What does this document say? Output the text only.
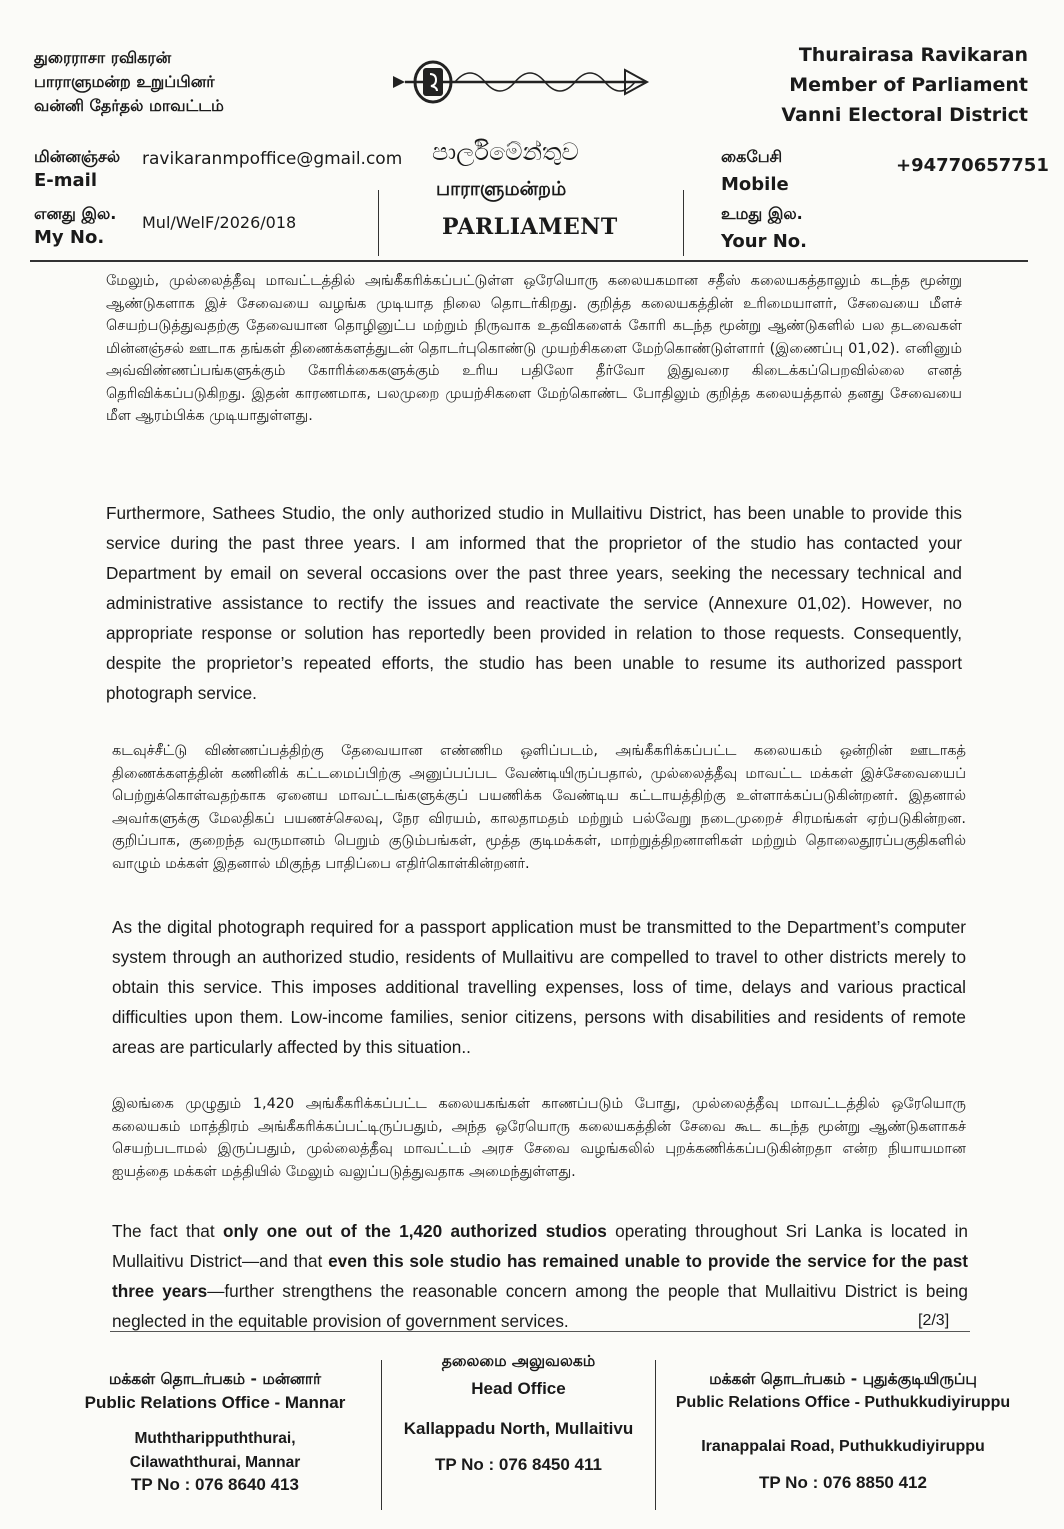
துரைராசா ரவிகரன்
பாராளுமன்ற உறுப்பினர்
வன்னி தேர்தல் மாவட்டம்
Thurairasa Ravikaran
Member of Parliament
Vanni Electoral District
மின்னஞ்சல்
E-mail
ravikaranmpoffice@gmail.com
எனது இல.
My No.
Mul/WelF/2026/018
පාර්ලිමේන්තුව
பாராளுமன்றம்
PARLIAMENT
கைபேசி
Mobile
+94770657751
உமது இல.
Your No.
மேலும், முல்லைத்தீவு மாவட்டத்தில் அங்கீகரிக்கப்பட்டுள்ள ஒரேயொரு கலையகமான சதீஸ் கலையகத்தாலும் கடந்த மூன்று ஆண்டுகளாக இச் சேவையை வழங்க முடியாத நிலை தொடர்கிறது. குறித்த கலையகத்தின் உரிமையாளர், சேவையை மீளச் செயற்படுத்துவதற்கு தேவையான தொழினுட்ப மற்றும் நிருவாக உதவிகளைக் கோரி கடந்த மூன்று ஆண்டுகளில் பல தடவைகள் மின்னஞ்சல் ஊடாக தங்கள் திணைக்களத்துடன் தொடர்புகொண்டு முயற்சிகளை மேற்கொண்டுள்ளார் (இணைப்பு 01,02). எனினும் அவ்விண்ணப்பங்களுக்கும் கோரிக்கைகளுக்கும் உரிய பதிலோ தீர்வோ இதுவரை கிடைக்கப்பெறவில்லை எனத் தெரிவிக்கப்படுகிறது. இதன் காரணமாக, பலமுறை முயற்சிகளை மேற்கொண்ட போதிலும் குறித்த கலையத்தால் தனது சேவையை மீள ஆரம்பிக்க முடியாதுள்ளது.
Furthermore, Sathees Studio, the only authorized studio in Mullaitivu District, has been unable to provide this service during the past three years. I am informed that the proprietor of the studio has contacted your Department by email on several occasions over the past three years, seeking the necessary technical and administrative assistance to rectify the issues and reactivate the service (Annexure 01,02). However, no appropriate response or solution has reportedly been provided in relation to those requests. Consequently, despite the proprietor’s repeated efforts, the studio has been unable to resume its authorized passport photograph service.
கடவுச்சீட்டு விண்ணப்பத்திற்கு தேவையான எண்ணிம ஒளிப்படம், அங்கீகரிக்கப்பட்ட கலையகம் ஒன்றின் ஊடாகத் திணைக்களத்தின் கணினிக் கட்டமைப்பிற்கு அனுப்பப்பட வேண்டியிருப்பதால், முல்லைத்தீவு மாவட்ட மக்கள் இச்சேவையைப் பெற்றுக்கொள்வதற்காக ஏனைய மாவட்டங்களுக்குப் பயணிக்க வேண்டிய கட்டாயத்திற்கு உள்ளாக்கப்படுகின்றனர். இதனால் அவர்களுக்கு மேலதிகப் பயணச்செலவு, நேர விரயம், காலதாமதம் மற்றும் பல்வேறு நடைமுறைச் சிரமங்கள் ஏற்படுகின்றன. குறிப்பாக, குறைந்த வருமானம் பெறும் குடும்பங்கள், மூத்த குடிமக்கள், மாற்றுத்திறனாளிகள் மற்றும் தொலைதூரப்பகுதிகளில் வாழும் மக்கள் இதனால் மிகுந்த பாதிப்பை எதிர்கொள்கின்றனர்.
As the digital photograph required for a passport application must be transmitted to the Department’s computer system through an authorized studio, residents of Mullaitivu are compelled to travel to other districts merely to obtain this service. This imposes additional travelling expenses, loss of time, delays and various practical difficulties upon them. Low-income families, senior citizens, persons with disabilities and residents of remote areas are particularly affected by this situation..
இலங்கை முழுதும் 1,420 அங்கீகரிக்கப்பட்ட கலையகங்கள் காணப்படும் போது, முல்லைத்தீவு மாவட்டத்தில் ஒரேயொரு கலையகம் மாத்திரம் அங்கீகரிக்கப்பட்டிருப்பதும், அந்த ஒரேயொரு கலையகத்தின் சேவை கூட கடந்த மூன்று ஆண்டுகளாகச் செயற்படாமல் இருப்பதும், முல்லைத்தீவு மாவட்டம் அரச சேவை வழங்கலில் புறக்கணிக்கப்படுகின்றதா என்ற நியாயமான ஐயத்தை மக்கள் மத்தியில் மேலும் வலுப்படுத்துவதாக அமைந்துள்ளது.
The fact that only one out of the 1,420 authorized studios operating throughout Sri Lanka is located in Mullaitivu District—and that even this sole studio has remained unable to provide the service for the past three years—further strengthens the reasonable concern among the people that Mullaitivu District is being neglected in the equitable provision of government services.	[2/3]
மக்கள் தொடர்பகம் - மன்னார்
Public Relations Office - Mannar
Muththarippuththurai,
Cilawaththurai, Mannar
TP No : 076 8640 413
தலைமை அலுவலகம்
Head Office
Kallappadu North, Mullaitivu
TP No : 076 8450 411
மக்கள் தொடர்பகம் - புதுக்குடியிருப்பு
Public Relations Office - Puthukkudiyiruppu
Iranappalai Road, Puthukkudiyiruppu
TP No : 076 8850 412
